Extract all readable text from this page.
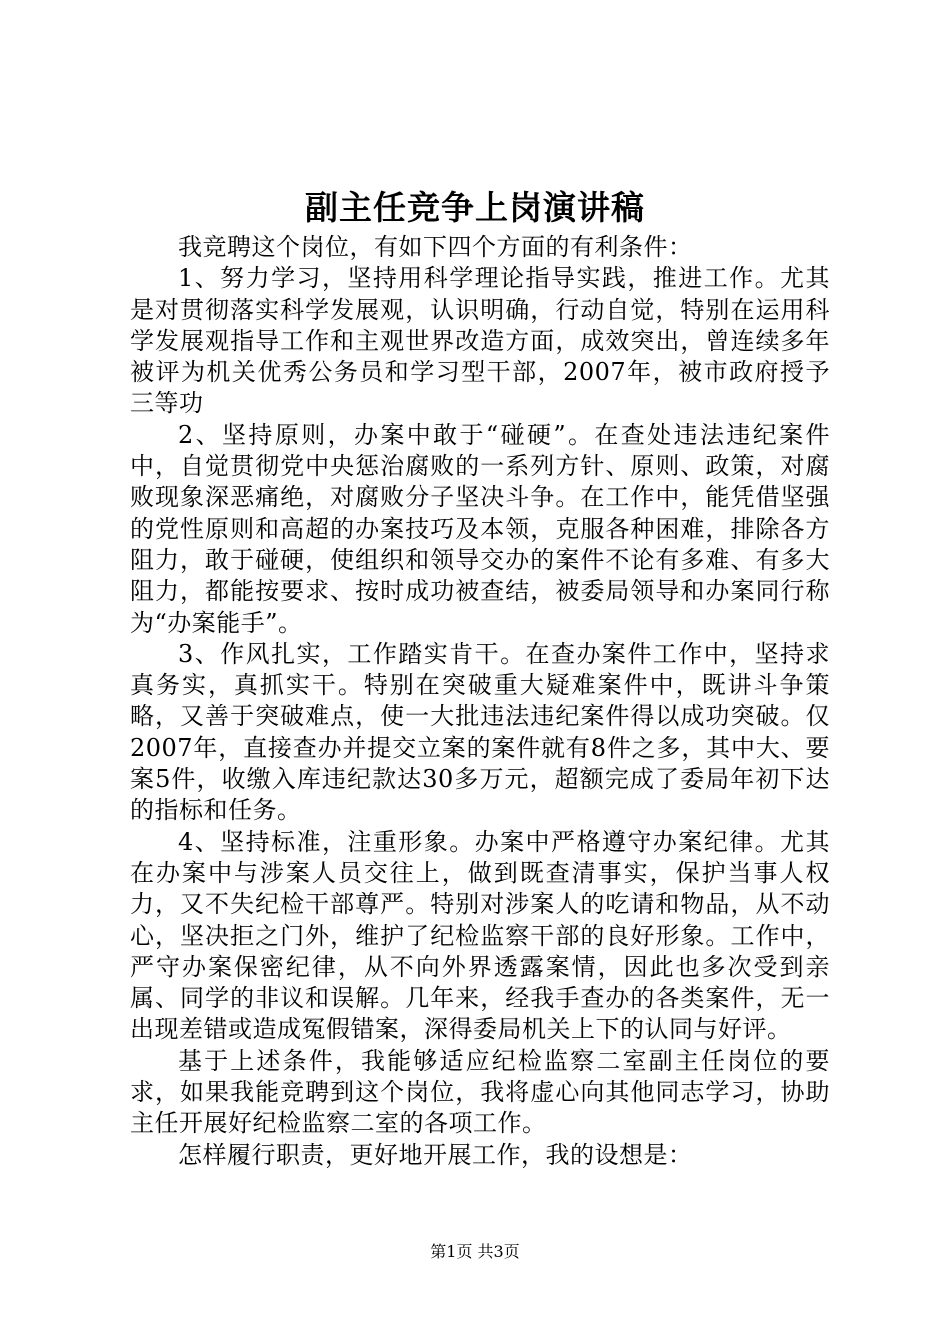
副主任竞争上岗演讲稿

我竞聘这个岗位，有如下四个方面的有利条件：

1、努力学习，坚持用科学理论指导实践，推进工作。尤其是对贯彻落实科学发展观，认识明确，行动自觉，特别在运用科学发展观指导工作和主观世界改造方面，成效突出，曾连续多年被评为机关优秀公务员和学习型干部，2007年，被市政府授予三等功

2、坚持原则，办案中敢于“碰硬”。在查处违法违纪案件中，自觉贯彻党中央惩治腐败的一系列方针、原则、政策，对腐败现象深恶痛绝，对腐败分子坚决斗争。在工作中，能凭借坚强的党性原则和高超的办案技巧及本领，克服各种困难，排除各方阻力，敢于碰硬，使组织和领导交办的案件不论有多难、有多大阻力，都能按要求、按时成功被查结，被委局领导和办案同行称为“办案能手”。

3、作风扎实，工作踏实肯干。在查办案件工作中，坚持求真务实，真抓实干。特别在突破重大疑难案件中，既讲斗争策略，又善于突破难点，使一大批违法违纪案件得以成功突破。仅2007年，直接查办并提交立案的案件就有8件之多，其中大、要案5件，收缴入库违纪款达30多万元，超额完成了委局年初下达的指标和任务。

4、坚持标准，注重形象。办案中严格遵守办案纪律。尤其在办案中与涉案人员交往上，做到既查清事实，保护当事人权力，又不失纪检干部尊严。特别对涉案人的吃请和物品，从不动心，坚决拒之门外，维护了纪检监察干部的良好形象。工作中，严守办案保密纪律，从不向外界透露案情，因此也多次受到亲属、同学的非议和误解。几年来，经我手查办的各类案件，无一出现差错或造成冤假错案，深得委局机关上下的认同与好评。

基于上述条件，我能够适应纪检监察二室副主任岗位的要求，如果我能竞聘到这个岗位，我将虚心向其他同志学习，协助主任开展好纪检监察二室的各项工作。

怎样履行职责，更好地开展工作，我的设想是：

第1页 共3页
